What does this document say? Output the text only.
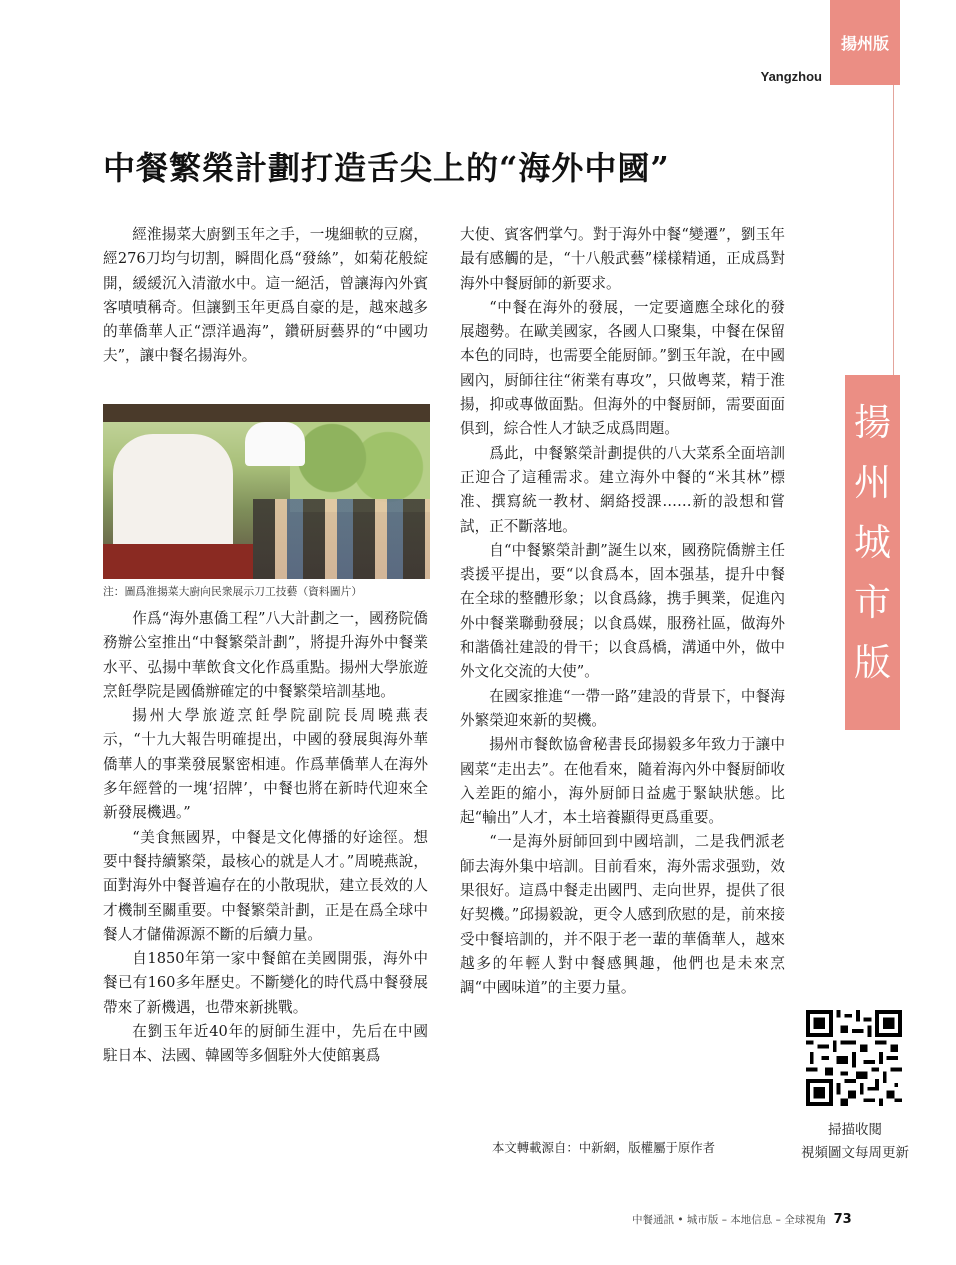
揚州版
Yangzhou
揚
州
城
市
版
中餐繁榮計劃打造舌尖上的“海外中國”

經淮揚菜大廚劉玉年之手，一塊細軟的豆腐，經276刀均勻切割，瞬間化爲“發絲”，如菊花般綻開，緩緩沉入清澈水中。這一絕活，曾讓海內外賓客嘖嘖稱奇。但讓劉玉年更爲自豪的是，越來越多的華僑華人正“漂洋過海”，鑽研厨藝界的“中國功夫”，讓中餐名揚海外。

注：圖爲淮揚菜大廚向民衆展示刀工技藝（資料圖片）

作爲“海外惠僑工程”八大計劃之一，國務院僑務辦公室推出“中餐繁榮計劃”，將提升海外中餐業水平、弘揚中華飲食文化作爲重點。揚州大學旅遊烹飪學院是國僑辦確定的中餐繁榮培訓基地。

揚州大學旅遊烹飪學院副院長周曉燕表示，“十九大報告明確提出，中國的發展與海外華僑華人的事業發展緊密相連。作爲華僑華人在海外多年經營的一塊‘招牌’，中餐也將在新時代迎來全新發展機遇。”

“美食無國界，中餐是文化傳播的好途徑。想要中餐持續繁榮，最核心的就是人才。”周曉燕說，面對海外中餐普遍存在的小散現狀，建立長效的人才機制至關重要。中餐繁榮計劃，正是在爲全球中餐人才儲備源源不斷的后續力量。

自1850年第一家中餐館在美國開張，海外中餐已有160多年歷史。不斷變化的時代爲中餐發展帶來了新機遇，也帶來新挑戰。

在劉玉年近40年的厨師生涯中，先后在中國駐日本、法國、韓國等多個駐外大使館裏爲

大使、賓客們掌勺。對于海外中餐“變遷”，劉玉年最有感觸的是，“十八般武藝”樣樣精通，正成爲對海外中餐厨師的新要求。

“中餐在海外的發展，一定要適應全球化的發展趨勢。在歐美國家，各國人口聚集，中餐在保留本色的同時，也需要全能厨師。”劉玉年說，在中國國內，厨師往往“術業有專攻”，只做粵菜，精于淮揚，抑或專做面點。但海外的中餐厨師，需要面面俱到，綜合性人才缺乏成爲問題。

爲此，中餐繁榮計劃提供的八大菜系全面培訓正迎合了這種需求。建立海外中餐的“米其林”標准、撰寫統一教材、網絡授課……新的設想和嘗試，正不斷落地。

自“中餐繁榮計劃”誕生以來，國務院僑辦主任裘援平提出，要“以食爲本，固本强基，提升中餐在全球的整體形象；以食爲緣，携手興業，促進內外中餐業聯動發展；以食爲媒，服務社區，做海外和諧僑社建設的骨干；以食爲橋，溝通中外，做中外文化交流的大使”。

在國家推進“一帶一路”建設的背景下，中餐海外繁榮迎來新的契機。

揚州市餐飲協會秘書長邱揚毅多年致力于讓中國菜“走出去”。在他看來，隨着海內外中餐厨師收入差距的縮小，海外厨師日益處于緊缺狀態。比起“輸出”人才，本土培養顯得更爲重要。

“一是海外厨師回到中國培訓，二是我們派老師去海外集中培訓。目前看來，海外需求强勁，效果很好。這爲中餐走出國門、走向世界，提供了很好契機。”邱揚毅說，更令人感到欣慰的是，前來接受中餐培訓的，并不限于老一輩的華僑華人，越來越多的年輕人對中餐感興趣，他們也是未來烹調“中國味道”的主要力量。

本文轉載源自：中新網，版權屬于原作者
掃描收閱
視頻圖文每周更新
中餐通訊 • 城市版 – 本地信息 – 全球視角 73
